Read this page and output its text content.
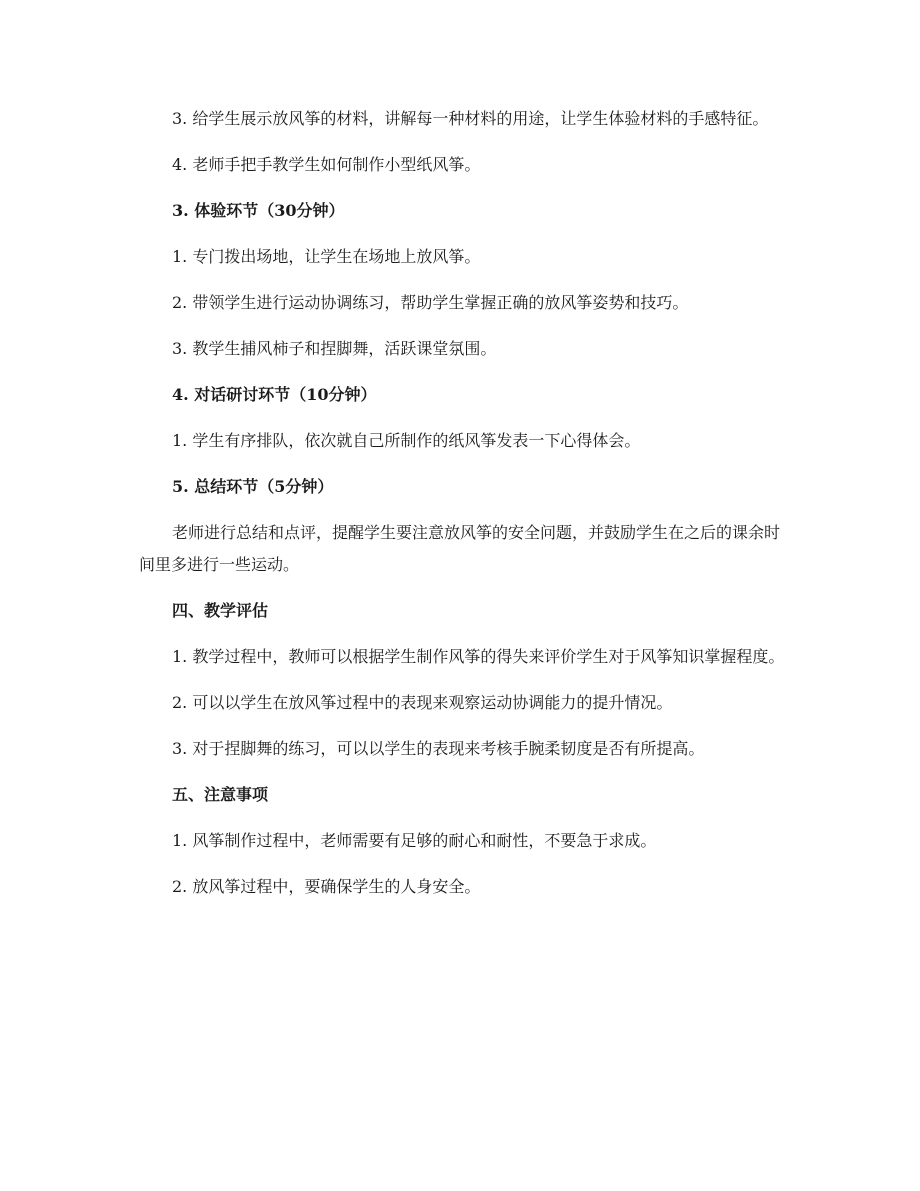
3. 给学生展示放风筝的材料，讲解每一种材料的用途，让学生体验材料的手感特征。

4. 老师手把手教学生如何制作小型纸风筝。

3. 体验环节（30分钟）

1. 专门拨出场地，让学生在场地上放风筝。

2. 带领学生进行运动协调练习，帮助学生掌握正确的放风筝姿势和技巧。

3. 教学生捕风柿子和捏脚舞，活跃课堂氛围。

4. 对话研讨环节（10分钟）

1. 学生有序排队，依次就自己所制作的纸风筝发表一下心得体会。

5. 总结环节（5分钟）

老师进行总结和点评，提醒学生要注意放风筝的安全问题，并鼓励学生在之后的课余时间里多进行一些运动。

四、教学评估

1. 教学过程中，教师可以根据学生制作风筝的得失来评价学生对于风筝知识掌握程度。

2. 可以以学生在放风筝过程中的表现来观察运动协调能力的提升情况。

3. 对于捏脚舞的练习，可以以学生的表现来考核手腕柔韧度是否有所提高。

五、注意事项

1. 风筝制作过程中，老师需要有足够的耐心和耐性，不要急于求成。

2. 放风筝过程中，要确保学生的人身安全。
